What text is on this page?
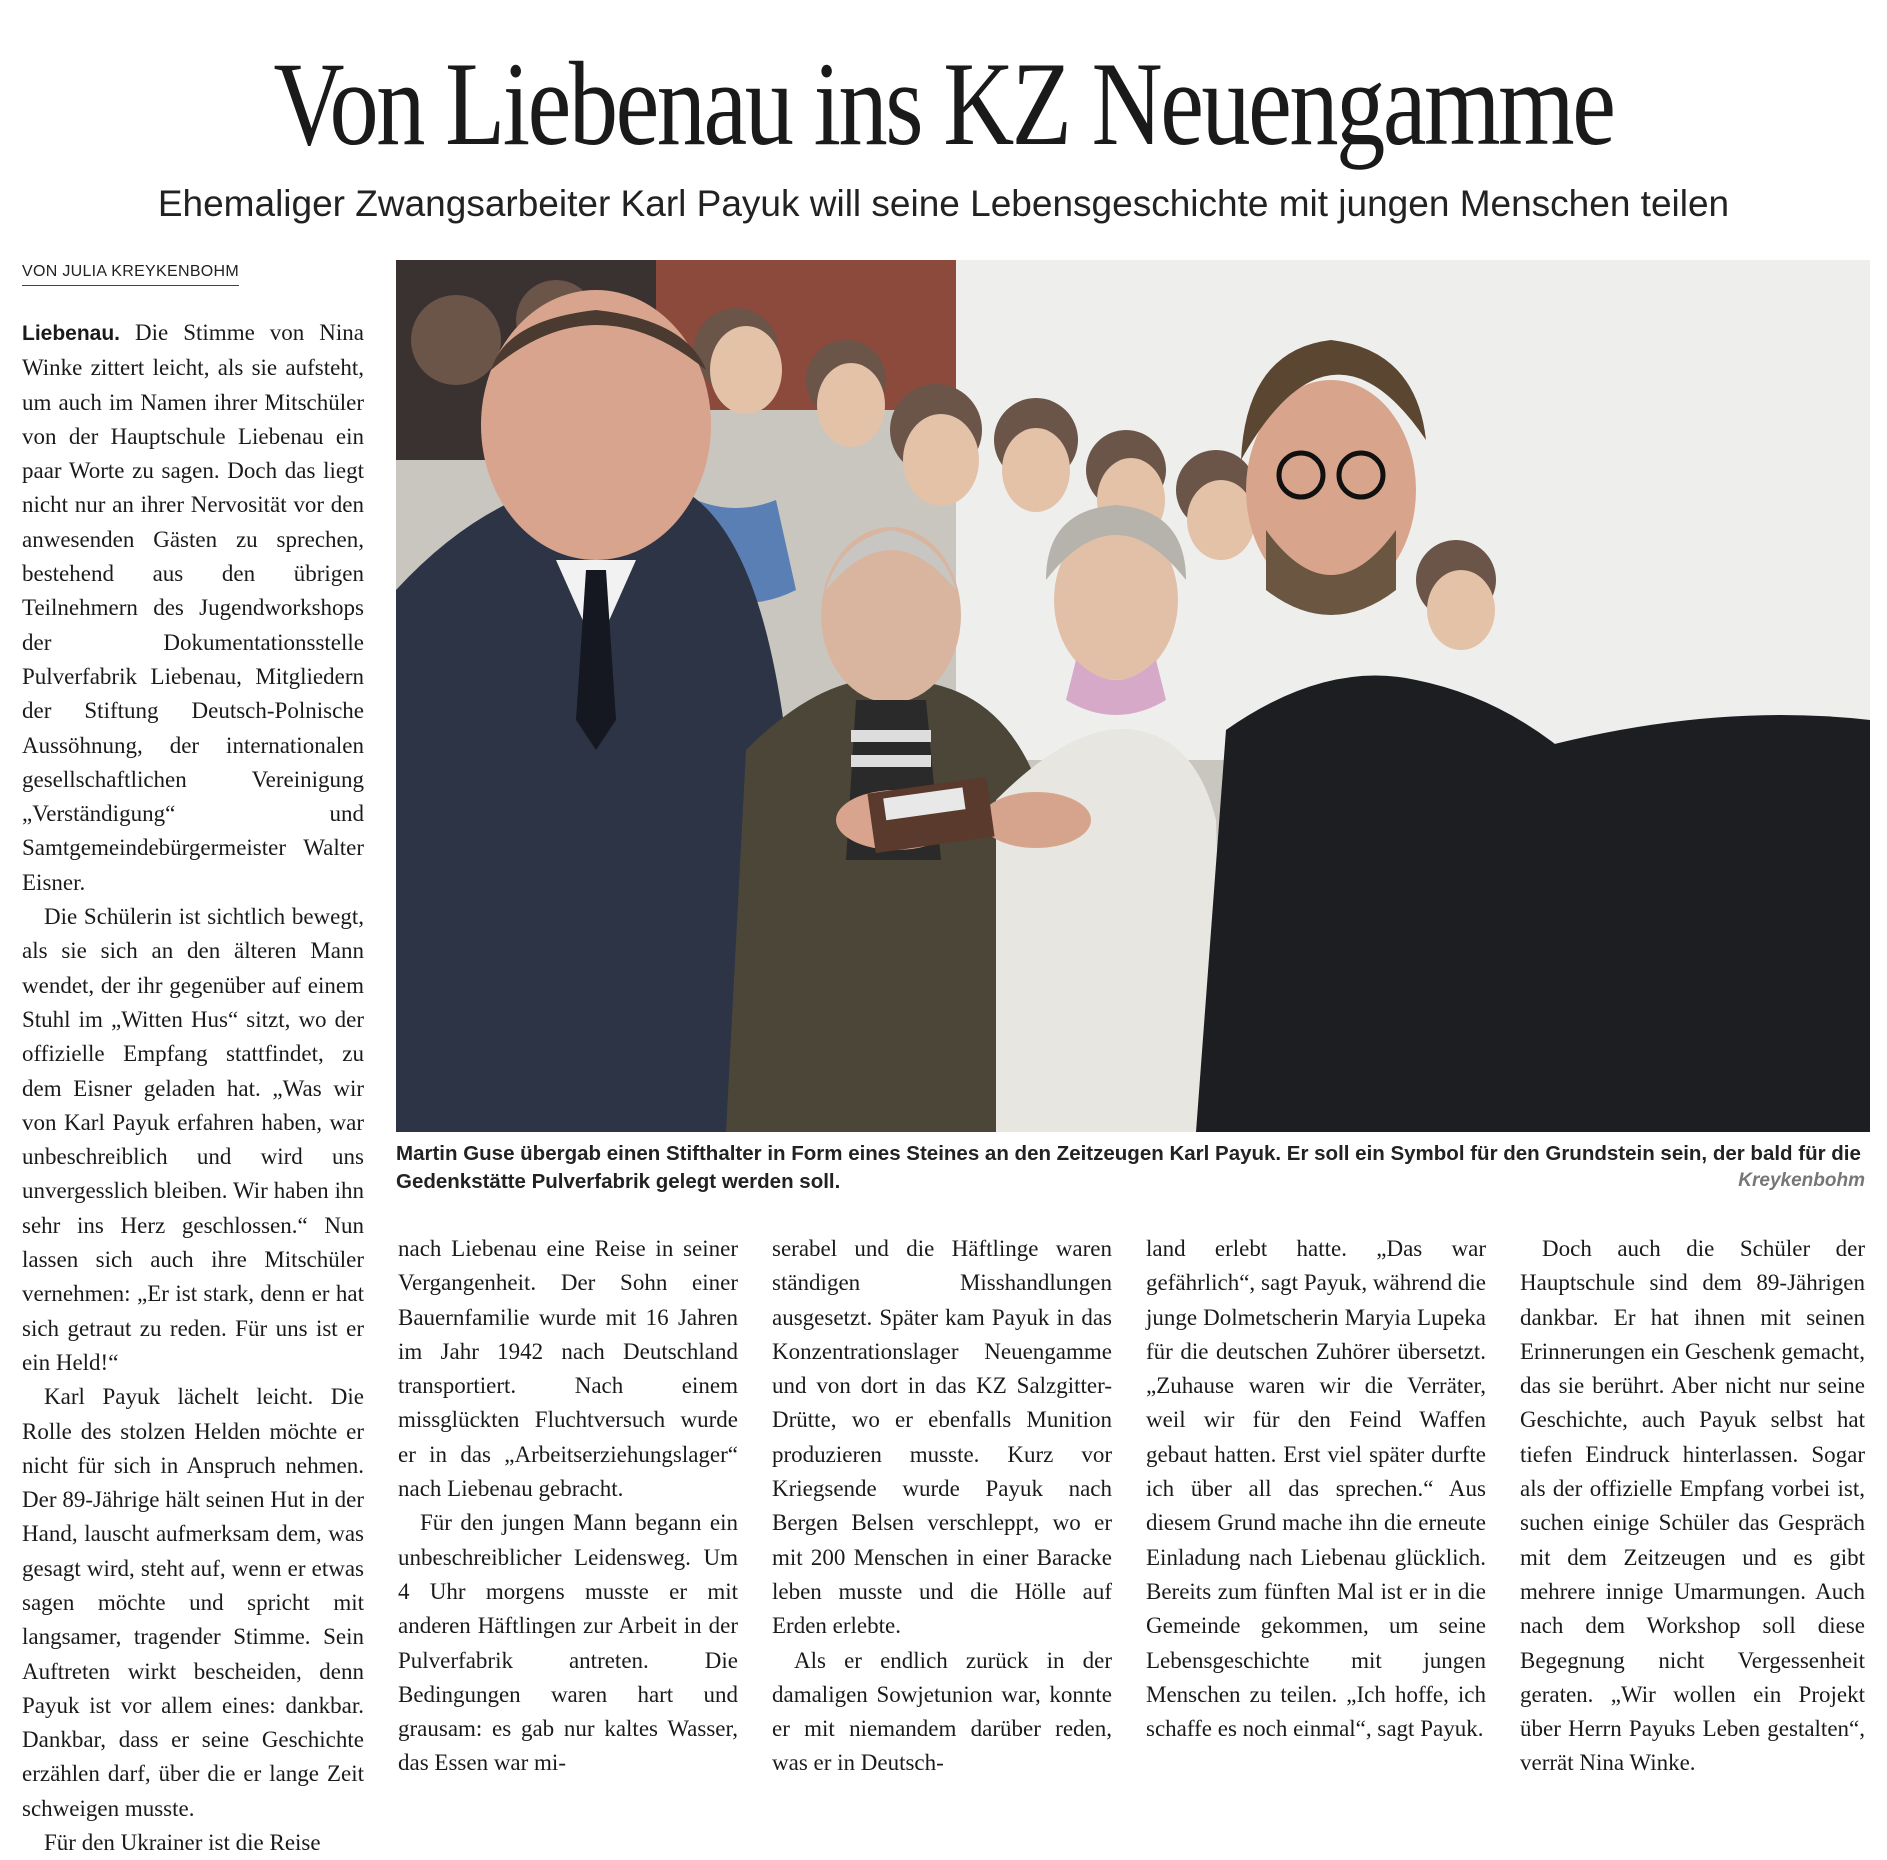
Von Liebenau ins KZ Neuengamme
Ehemaliger Zwangsarbeiter Karl Payuk will seine Lebensgeschichte mit jungen Menschen teilen
VON JULIA KREYKENBOHM

Liebenau. Die Stimme von Nina Winke zittert leicht, als sie aufsteht, um auch im Namen ihrer Mitschüler von der Hauptschule Liebenau ein paar Worte zu sagen. Doch das liegt nicht nur an ihrer Nervosität vor den anwesenden Gästen zu sprechen, bestehend aus den übrigen Teilnehmern des Jugendworkshops der Dokumentationsstelle Pulverfabrik Liebenau, Mitgliedern der Stiftung Deutsch-Polnische Aussöhnung, der internationalen gesellschaftlichen Vereinigung „Verständigung“ und Samtgemeindebürgermeister Walter Eisner.

Die Schülerin ist sichtlich bewegt, als sie sich an den älteren Mann wendet, der ihr gegenüber auf einem Stuhl im „Witten Hus“ sitzt, wo der offizielle Empfang stattfindet, zu dem Eisner geladen hat. „Was wir von Karl Payuk erfahren haben, war unbeschreiblich und wird uns unvergesslich bleiben. Wir haben ihn sehr ins Herz geschlossen.“ Nun lassen sich auch ihre Mitschüler vernehmen: „Er ist stark, denn er hat sich getraut zu reden. Für uns ist er ein Held!“

Karl Payuk lächelt leicht. Die Rolle des stolzen Helden möchte er nicht für sich in Anspruch nehmen. Der 89-Jährige hält seinen Hut in der Hand, lauscht aufmerksam dem, was gesagt wird, steht auf, wenn er etwas sagen möchte und spricht mit langsamer, tragender Stimme. Sein Auftreten wirkt bescheiden, denn Payuk ist vor allem eines: dankbar. Dankbar, dass er seine Geschichte erzählen darf, über die er lange Zeit schweigen musste.

Für den Ukrainer ist die Reise

Martin Guse übergab einen Stifthalter in Form eines Steines an den Zeitzeugen Karl Payuk. Er soll ein Symbol für den Grundstein sein, der bald für die Gedenkstätte Pulverfabrik gelegt werden soll.	Kreykenbohm

nach Liebenau eine Reise in seiner Vergangenheit. Der Sohn einer Bauernfamilie wurde mit 16 Jahren im Jahr 1942 nach Deutschland transportiert. Nach einem missglückten Fluchtversuch wurde er in das „Arbeitserziehungslager“ nach Liebenau gebracht.

Für den jungen Mann begann ein unbeschreiblicher Leidensweg. Um 4 Uhr morgens musste er mit anderen Häftlingen zur Arbeit in der Pulverfabrik antreten. Die Bedingungen waren hart und grausam: es gab nur kaltes Wasser, das Essen war mi-

serabel und die Häftlinge waren ständigen Misshandlungen ausgesetzt. Später kam Payuk in das Konzentrationslager Neuengamme und von dort in das KZ Salzgitter-Drütte, wo er ebenfalls Munition produzieren musste. Kurz vor Kriegsende wurde Payuk nach Bergen Belsen verschleppt, wo er mit 200 Menschen in einer Baracke leben musste und die Hölle auf Erden erlebte.

Als er endlich zurück in der damaligen Sowjetunion war, konnte er mit niemandem darüber reden, was er in Deutsch-

land erlebt hatte. „Das war gefährlich“, sagt Payuk, während die junge Dolmetscherin Maryia Lupeka für die deutschen Zuhörer übersetzt. „Zuhause waren wir die Verräter, weil wir für den Feind Waffen gebaut hatten. Erst viel später durfte ich über all das sprechen.“ Aus diesem Grund mache ihn die erneute Einladung nach Liebenau glücklich. Bereits zum fünften Mal ist er in die Gemeinde gekommen, um seine Lebensgeschichte mit jungen Menschen zu teilen. „Ich hoffe, ich schaffe es noch einmal“, sagt Payuk.

Doch auch die Schüler der Hauptschule sind dem 89-Jährigen dankbar. Er hat ihnen mit seinen Erinnerungen ein Geschenk gemacht, das sie berührt. Aber nicht nur seine Geschichte, auch Payuk selbst hat tiefen Eindruck hinterlassen. Sogar als der offizielle Empfang vorbei ist, suchen einige Schüler das Gespräch mit dem Zeitzeugen und es gibt mehrere innige Umarmungen. Auch nach dem Workshop soll diese Begegnung nicht Vergessenheit geraten. „Wir wollen ein Projekt über Herrn Payuks Leben gestalten“, verrät Nina Winke.
